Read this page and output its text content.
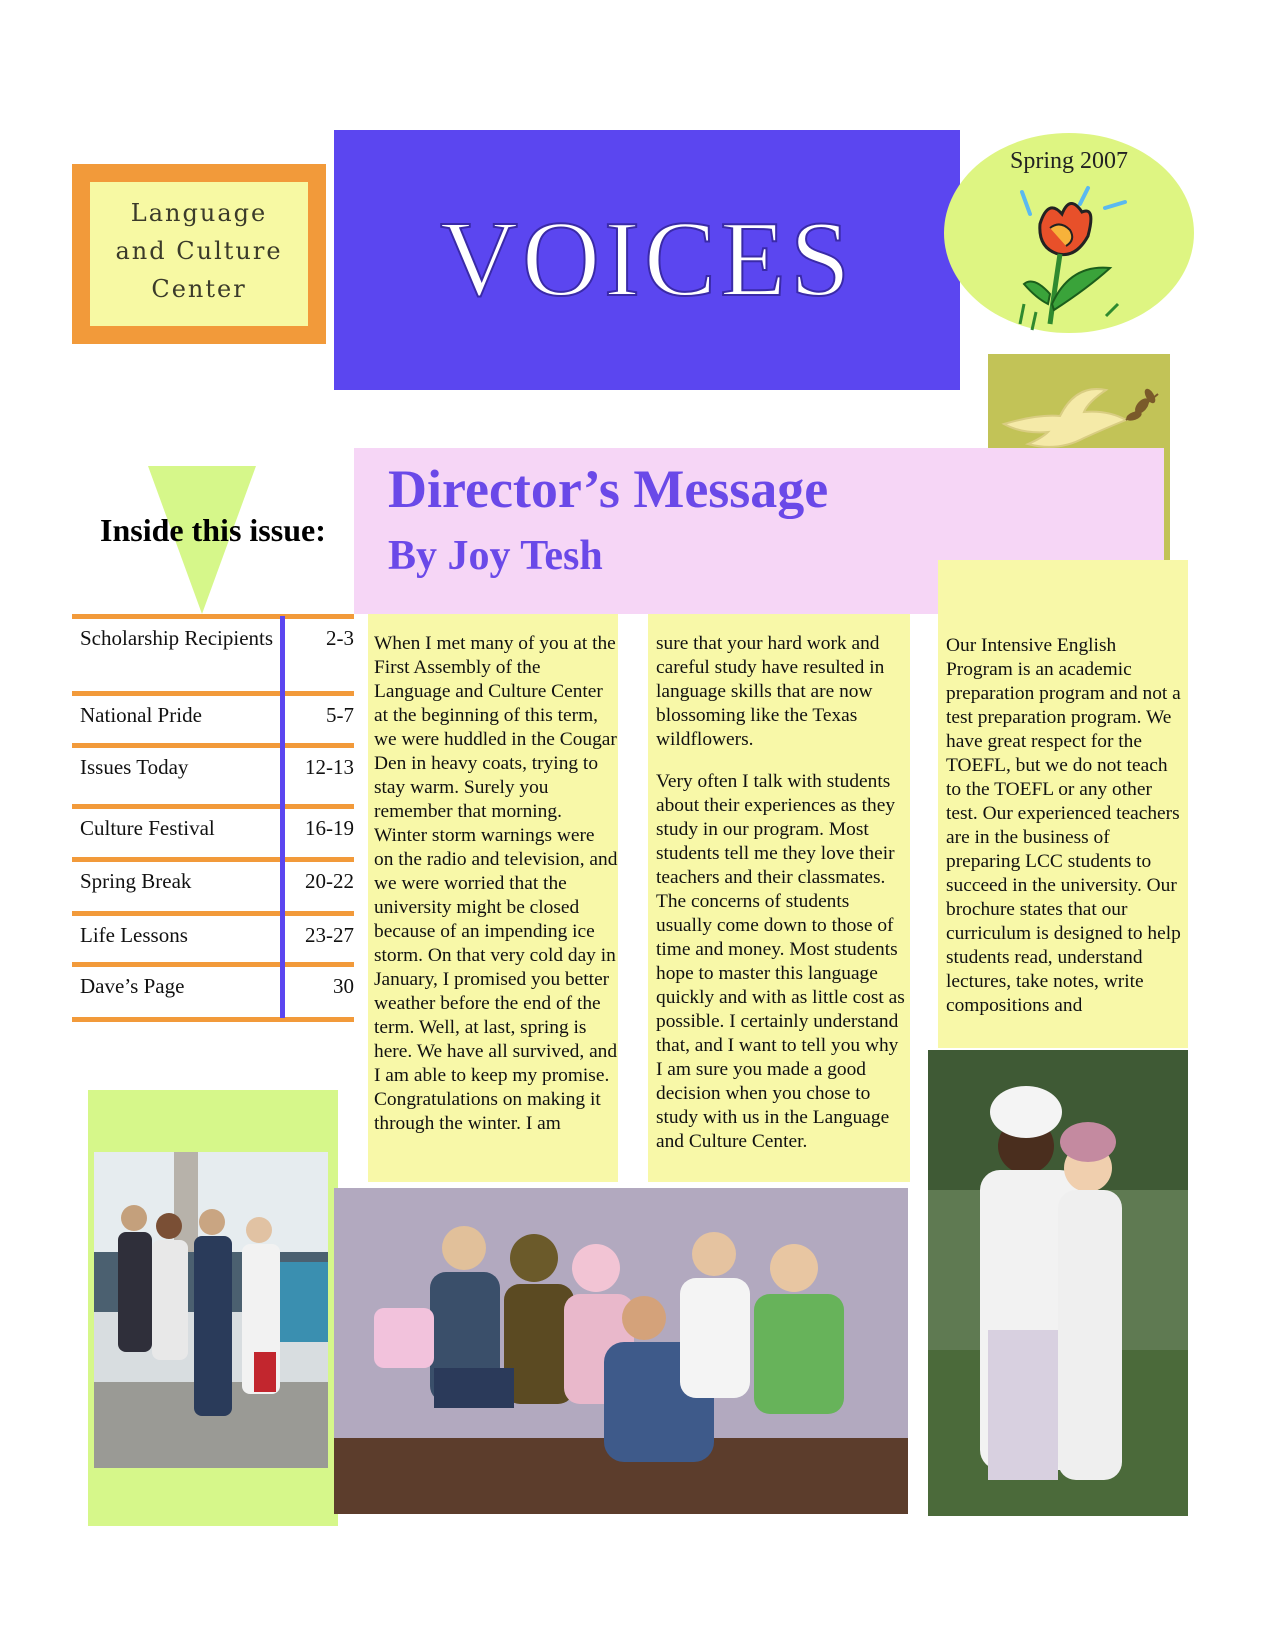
Language
and Culture
Center	VOICES
Spring 2007
Director’s Message
By Joy Tesh
Inside this issue:
Scholarship Recipients	2-3
National Pride	5-7
Issues Today	12-13
Culture Festival	16-19
Spring Break	20-22
Life Lessons	23-27
Dave’s Page	30

When I met many of you at the First Assembly of the Language and Culture Center at the beginning of this term, we were huddled in the Cougar Den in heavy coats, trying to stay warm. Surely you remember that morning. Winter storm warnings were on the radio and television, and we were worried that the university might be closed because of an impending ice storm. On that very cold day in January, I promised you better weather before the end of the term. Well, at last, spring is here. We have all survived, and I am able to keep my promise. Congratulations on making it through the winter. I am

sure that your hard work and careful study have resulted in language skills that are now blossoming like the Texas wildflowers.

Very often I talk with students about their experiences as they study in our program. Most students tell me they love their teachers and their classmates. The concerns of students usually come down to those of time and money. Most students hope to master this language quickly and with as little cost as possible. I certainly understand that, and I want to tell you why I am sure you made a good decision when you chose to study with us in the Language and Culture Center.

Our Intensive English Program is an academic preparation program and not a test preparation program. We have great respect for the TOEFL, but we do not teach to the TOEFL or any other test. Our experienced teachers are in the business of preparing LCC students to succeed in the university. Our brochure states that our curriculum is designed to help students read, understand lectures, take notes, write compositions and
